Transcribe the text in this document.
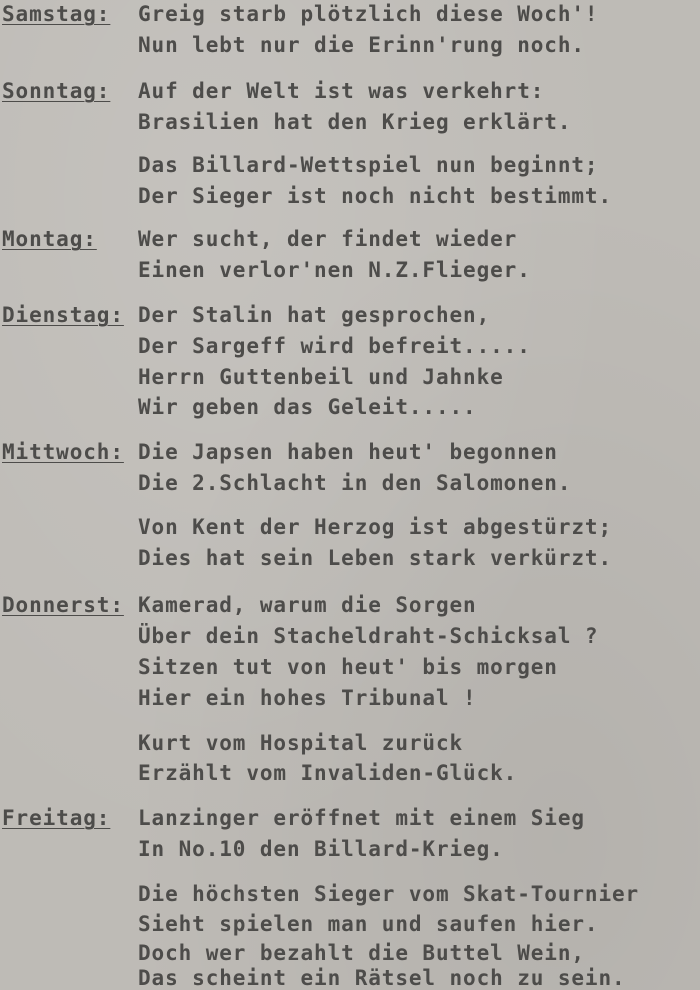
Samstag: Greig starb plötzlich diese Woch'!
Nun lebt nur die Erinn'rung noch.
Sonntag: Auf der Welt ist was verkehrt:
Brasilien hat den Krieg erklärt.
Das Billard-Wettspiel nun beginnt;
Der Sieger ist noch nicht bestimmt.
Montag: Wer sucht, der findet wieder
Einen verlor'nen N.Z.Flieger.
Dienstag: Der Stalin hat gesprochen,
Der Sargeff wird befreit.....
Herrn Guttenbeil und Jahnke
Wir geben das Geleit.....
Mittwoch: Die Japsen haben heut' begonnen
Die 2.Schlacht in den Salomonen.
Von Kent der Herzog ist abgestürzt;
Dies hat sein Leben stark verkürzt.
Donnerst: Kamerad, warum die Sorgen
Über dein Stacheldraht-Schicksal ?
Sitzen tut von heut' bis morgen
Hier ein hohes Tribunal !
Kurt vom Hospital zurück
Erzählt vom Invaliden-Glück.
Freitag: Lanzinger eröffnet mit einem Sieg
In No.10 den Billard-Krieg.
Die höchsten Sieger vom Skat-Tournier
Sieht spielen man und saufen hier.
Doch wer bezahlt die Buttel Wein,
Das scheint ein Rätsel noch zu sein.
